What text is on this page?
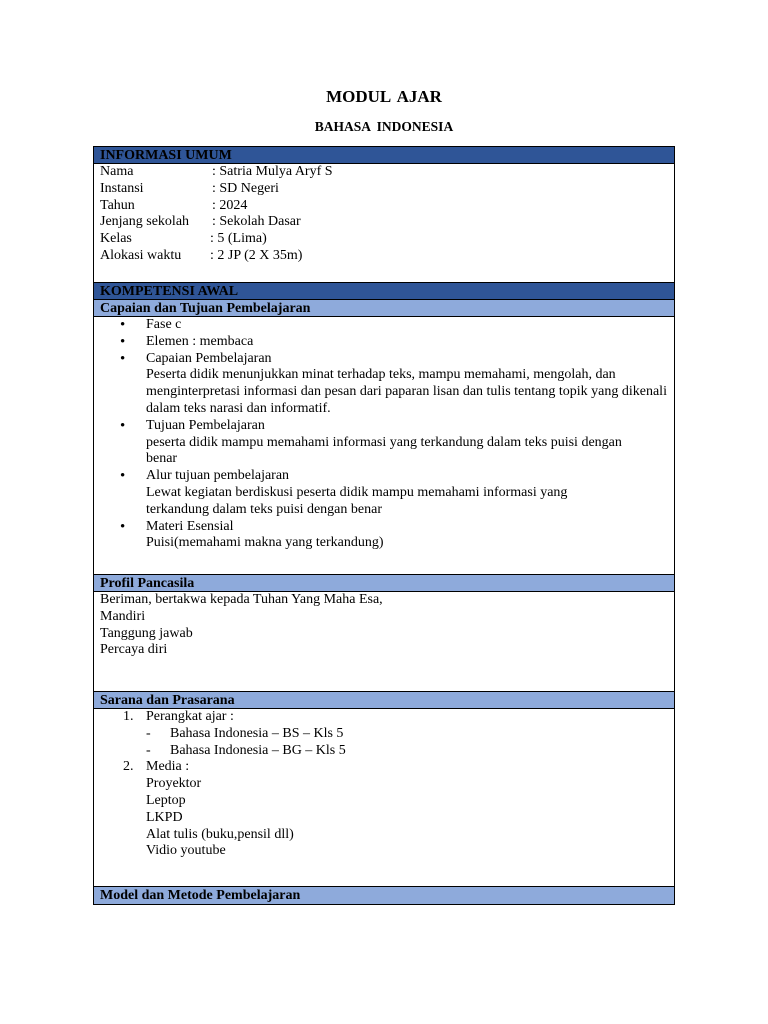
MODUL AJAR
BAHASA INDONESIA
INFORMASI UMUM
Nama	: Satria Mulya Aryf S
Instansi	: SD Negeri
Tahun	: 2024
Jenjang sekolah	: Sekolah Dasar
Kelas	: 5 (Lima)
Alokasi waktu	: 2 JP (2 X 35m)
KOMPETENSI AWAL
Capaian dan Tujuan Pembelajaran
• Fase c
• Elemen : membaca
• Capaian Pembelajaran
Peserta didik menunjukkan minat terhadap teks, mampu memahami, mengolah, dan menginterpretasi informasi dan pesan dari paparan lisan dan tulis tentang topik yang dikenali dalam teks narasi dan informatif.
• Tujuan Pembelajaran
peserta didik mampu memahami informasi yang terkandung dalam teks puisi dengan benar
• Alur tujuan pembelajaran
Lewat kegiatan berdiskusi peserta didik mampu memahami informasi yang terkandung dalam teks puisi dengan benar
• Materi Esensial
Puisi(memahami makna yang terkandung)
Profil Pancasila
Beriman, bertakwa kepada Tuhan Yang Maha Esa,
Mandiri
Tanggung jawab
Percaya diri
Sarana dan Prasarana
1. Perangkat ajar :
- Bahasa Indonesia – BS – Kls 5
- Bahasa Indonesia – BG – Kls 5
2. Media :
Proyektor
Leptop
LKPD
Alat tulis (buku,pensil dll)
Vidio youtube
Model dan Metode Pembelajaran
